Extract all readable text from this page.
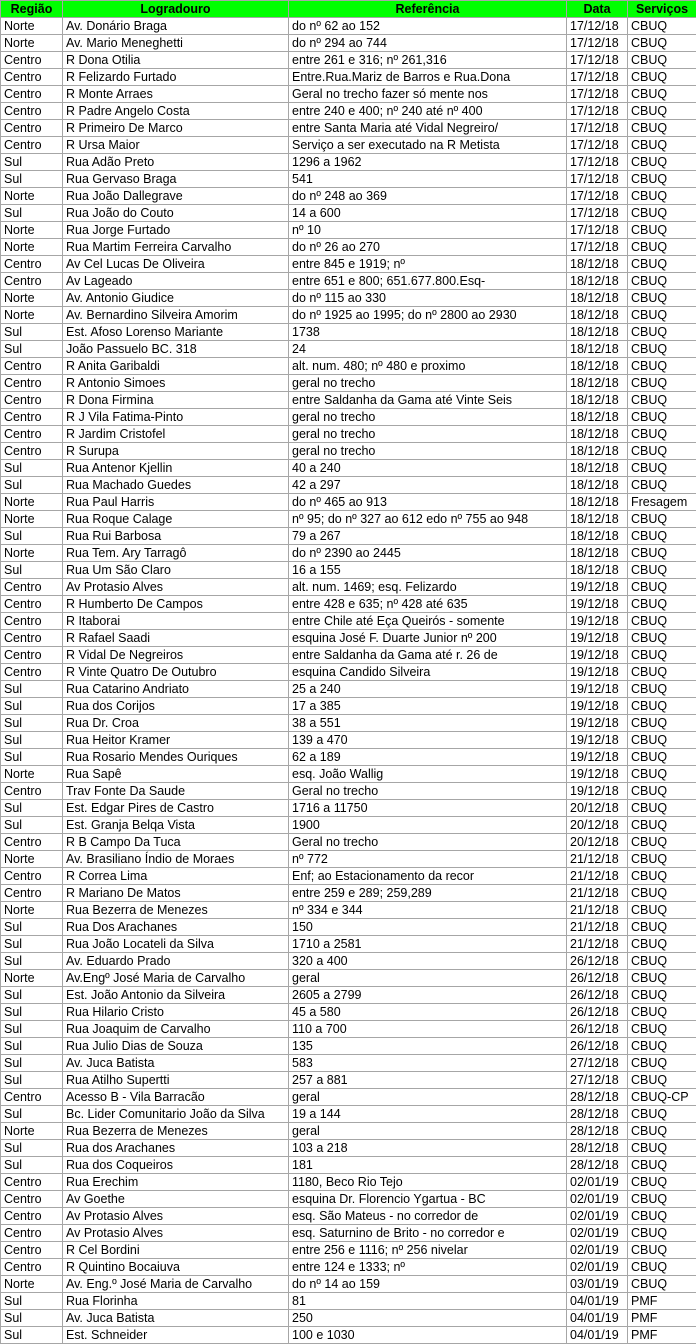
Região	Logradouro	Referência	Data	Serviços
Norte	Av. Donário Braga	do nº 62 ao 152	17/12/18	CBUQ
Norte	Av. Mario Meneghetti	do nº 294 ao 744	17/12/18	CBUQ
Centro	R Dona Otilia	entre 261 e 316; nº 261,316	17/12/18	CBUQ
Centro	R Felizardo Furtado	Entre.Rua.Mariz de Barros e Rua.Dona	17/12/18	CBUQ
Centro	R Monte Arraes	Geral no trecho fazer só mente nos	17/12/18	CBUQ
Centro	R Padre Angelo Costa	entre 240 e 400; nº 240 até nº 400	17/12/18	CBUQ
Centro	R Primeiro De Marco	entre Santa Maria até Vidal Negreiro/	17/12/18	CBUQ
Centro	R Ursa Maior	Serviço a ser executado na R Metista	17/12/18	CBUQ
Sul	Rua Adão Preto	1296 a 1962	17/12/18	CBUQ
Sul	Rua Gervaso Braga	541	17/12/18	CBUQ
Norte	Rua João Dallegrave	do nº 248 ao 369	17/12/18	CBUQ
Sul	Rua João do Couto	14 a 600	17/12/18	CBUQ
Norte	Rua Jorge Furtado	nº 10	17/12/18	CBUQ
Norte	Rua Martim Ferreira Carvalho	do nº 26 ao 270	17/12/18	CBUQ
Centro	Av Cel Lucas De Oliveira	entre 845 e 1919; nº	18/12/18	CBUQ
Centro	Av Lageado	entre 651 e 800; 651.677.800.Esq-	18/12/18	CBUQ
Norte	Av. Antonio Giudice	do nº 115 ao 330	18/12/18	CBUQ
Norte	Av. Bernardino Silveira Amorim	do nº 1925 ao 1995; do nº 2800 ao 2930	18/12/18	CBUQ
Sul	Est. Afoso Lorenso Mariante	1738	18/12/18	CBUQ
Sul	João Passuelo BC. 318	24	18/12/18	CBUQ
Centro	R Anita Garibaldi	alt. num. 480; nº 480 e proximo	18/12/18	CBUQ
Centro	R Antonio Simoes	geral no trecho	18/12/18	CBUQ
Centro	R Dona Firmina	entre Saldanha da Gama até Vinte Seis	18/12/18	CBUQ
Centro	R J Vila Fatima-Pinto	geral no trecho	18/12/18	CBUQ
Centro	R Jardim Cristofel	geral no trecho	18/12/18	CBUQ
Centro	R Surupa	geral no trecho	18/12/18	CBUQ
Sul	Rua Antenor Kjellin	40 a 240	18/12/18	CBUQ
Sul	Rua Machado Guedes	42 a 297	18/12/18	CBUQ
Norte	Rua Paul Harris	do nº 465 ao 913	18/12/18	Fresagem
Norte	Rua Roque Calage	nº 95; do nº 327 ao 612 edo nº 755 ao 948	18/12/18	CBUQ
Sul	Rua Rui Barbosa	79 a 267	18/12/18	CBUQ
Norte	Rua Tem. Ary Tarragô	do nº 2390 ao 2445	18/12/18	CBUQ
Sul	Rua Um São Claro	16 a 155	18/12/18	CBUQ
Centro	Av Protasio Alves	alt. num. 1469; esq. Felizardo	19/12/18	CBUQ
Centro	R Humberto De Campos	entre 428 e 635; nº 428 até 635	19/12/18	CBUQ
Centro	R Itaborai	entre Chile até Eça Queirós - somente	19/12/18	CBUQ
Centro	R Rafael Saadi	esquina José F. Duarte Junior nº 200	19/12/18	CBUQ
Centro	R Vidal De Negreiros	entre Saldanha da Gama até r. 26 de	19/12/18	CBUQ
Centro	R Vinte Quatro De Outubro	esquina Candido Silveira	19/12/18	CBUQ
Sul	Rua Catarino Andriato	25 a 240	19/12/18	CBUQ
Sul	Rua dos Corijos	17 a 385	19/12/18	CBUQ
Sul	Rua Dr. Croa	38 a 551	19/12/18	CBUQ
Sul	Rua Heitor Kramer	139 a 470	19/12/18	CBUQ
Sul	Rua Rosario Mendes Ouriques	62 a 189	19/12/18	CBUQ
Norte	Rua Sapê	esq. João Wallig	19/12/18	CBUQ
Centro	Trav Fonte Da Saude	Geral no trecho	19/12/18	CBUQ
Sul	Est. Edgar Pires de Castro	1716 a 11750	20/12/18	CBUQ
Sul	Est. Granja Belqa Vista	1900	20/12/18	CBUQ
Centro	R B Campo Da Tuca	Geral no trecho	20/12/18	CBUQ
Norte	Av. Brasiliano Índio de Moraes	nº 772	21/12/18	CBUQ
Centro	R Correa Lima	Enf; ao Estacionamento da recor	21/12/18	CBUQ
Centro	R Mariano De Matos	entre 259 e 289; 259,289	21/12/18	CBUQ
Norte	Rua Bezerra de Menezes	nº 334 e 344	21/12/18	CBUQ
Sul	Rua Dos Arachanes	150	21/12/18	CBUQ
Sul	Rua João Locateli da Silva	1710 a 2581	21/12/18	CBUQ
Sul	Av. Eduardo Prado	320 a 400	26/12/18	CBUQ
Norte	Av.Engº José Maria de Carvalho	geral	26/12/18	CBUQ
Sul	Est. João Antonio da Silveira	2605 a 2799	26/12/18	CBUQ
Sul	Rua Hilario Cristo	45 a 580	26/12/18	CBUQ
Sul	Rua Joaquim de Carvalho	110 a 700	26/12/18	CBUQ
Sul	Rua Julio Dias de Souza	135	26/12/18	CBUQ
Sul	Av. Juca Batista	583	27/12/18	CBUQ
Sul	Rua Atilho Supertti	257 a 881	27/12/18	CBUQ
Centro	Acesso B - Vila Barracão	geral	28/12/18	CBUQ-CP
Sul	Bc. Lider Comunitario João da Silva	19 a 144	28/12/18	CBUQ
Norte	Rua Bezerra de Menezes	geral	28/12/18	CBUQ
Sul	Rua dos Arachanes	103 a 218	28/12/18	CBUQ
Sul	Rua dos Coqueiros	181	28/12/18	CBUQ
Centro	Rua Erechim	1180, Beco Rio Tejo	02/01/19	CBUQ
Centro	Av Goethe	esquina Dr. Florencio Ygartua - BC	02/01/19	CBUQ
Centro	Av Protasio Alves	esq. São Mateus - no corredor de	02/01/19	CBUQ
Centro	Av Protasio Alves	esq. Saturnino de Brito - no corredor e	02/01/19	CBUQ
Centro	R Cel Bordini	entre 256 e 1116; nº 256 nivelar	02/01/19	CBUQ
Centro	R Quintino Bocaiuva	entre 124 e 1333; nº	02/01/19	CBUQ
Norte	Av. Eng.º José Maria de Carvalho	do nº 14 ao 159	03/01/19	CBUQ
Sul	Rua Florinha	81	04/01/19	PMF
Sul	Av. Juca Batista	250	04/01/19	PMF
Sul	Est. Schneider	100 e 1030	04/01/19	PMF
